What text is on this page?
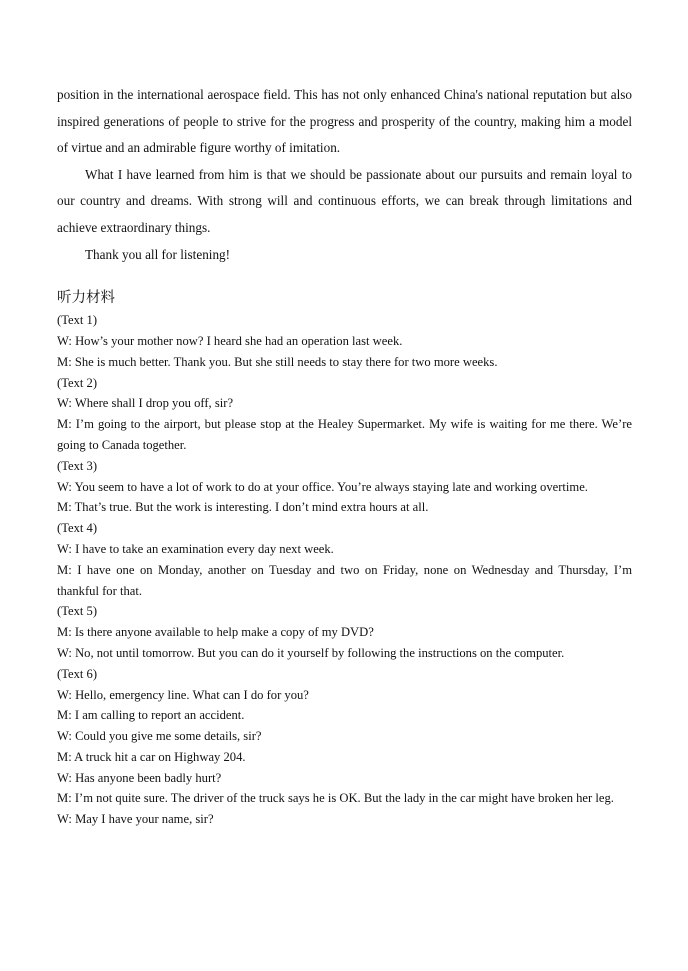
position in the international aerospace field. This has not only enhanced China's national reputation but also inspired generations of people to strive for the progress and prosperity of the country, making him a model of virtue and an admirable figure worthy of imitation.

What I have learned from him is that we should be passionate about our pursuits and remain loyal to our country and dreams. With strong will and continuous efforts, we can break through limitations and achieve extraordinary things.

Thank you all for listening!

听力材料

(Text 1)

W: How’s your mother now? I heard she had an operation last week.

M: She is much better. Thank you. But she still needs to stay there for two more weeks.

(Text 2)

W: Where shall I drop you off, sir?

M: I’m going to the airport, but please stop at the Healey Supermarket. My wife is waiting for me there. We’re going to Canada together.

(Text 3)

W: You seem to have a lot of work to do at your office. You’re always staying late and working overtime.

M: That’s true. But the work is interesting. I don’t mind extra hours at all.

(Text 4)

W: I have to take an examination every day next week.

M: I have one on Monday, another on Tuesday and two on Friday, none on Wednesday and Thursday, I’m thankful for that.

(Text 5)

M: Is there anyone available to help make a copy of my DVD?

W: No, not until tomorrow. But you can do it yourself by following the instructions on the computer.

(Text 6)

W: Hello, emergency line. What can I do for you?

M: I am calling to report an accident.

W: Could you give me some details, sir?

M: A truck hit a car on Highway 204.

W: Has anyone been badly hurt?

M: I’m not quite sure. The driver of the truck says he is OK. But the lady in the car might have broken her leg.

W: May I have your name, sir?
